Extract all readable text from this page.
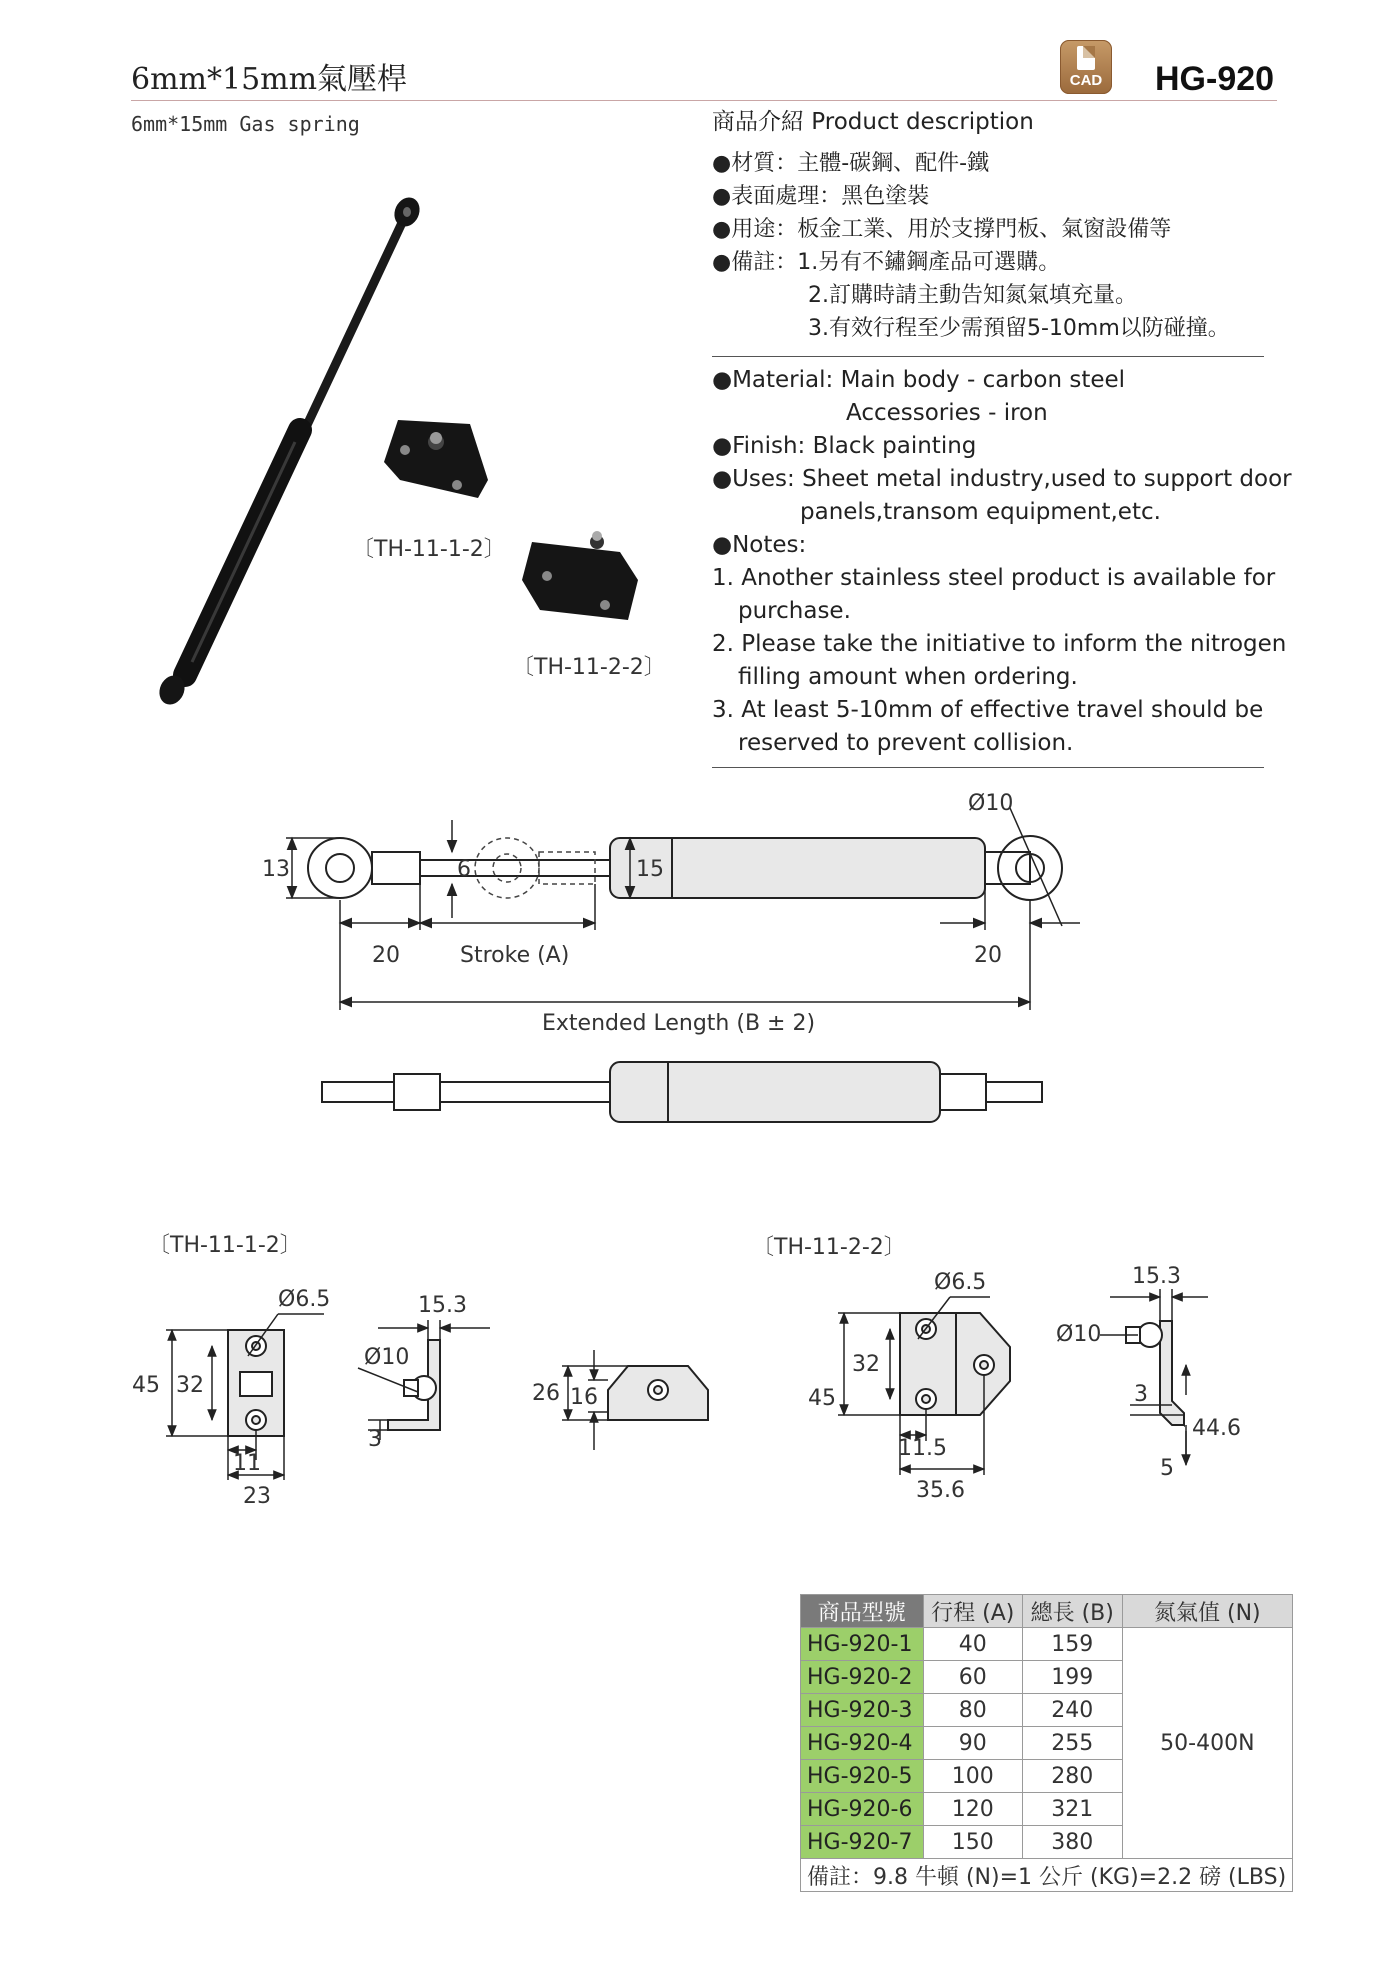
6mm*15mm氣壓桿
6mm*15mm Gas spring
CAD HG-920
商品介紹 Product description
●材質：主體-碳鋼、配件-鐵
●表面處理：黑色塗裝
●用途：板金工業、用於支撐門板、氣窗設備等
●備註：1.另有不鏽鋼產品可選購。
2.訂購時請主動告知氮氣填充量。
3.有效行程至少需預留5-10mm以防碰撞。
●Material: Main body - carbon steel
Accessories - iron
●Finish: Black painting
●Uses: Sheet metal industry,used to support door
panels,transom equipment,etc.
●Notes:
1. Another stainless steel product is available for
purchase.
2. Please take the initiative to inform the nitrogen
filling amount when ordering.
3. At least 5-10mm of effective travel should be
reserved to prevent collision.
〔TH-11-1-2〕
〔TH-11-2-2〕
13	6	15
20	Stroke (A)	20
Extended Length (B ± 2)
Ø10
〔TH-11-1-2〕
45 32
11
23
Ø6.5	15.3
Ø10
3
26 16
〔TH-11-2-2〕
45
32
11.5
35.6
Ø6.5	15.3
Ø10
3
44.6
5
商品型號	行程 (A)	總長 (B)	氮氣值 (N)
HG-920-1	40	159	50-400N
HG-920-2	60	199	
HG-920-3	80	240	
HG-920-4	90	255	
HG-920-5	100	280	
HG-920-6	120	321	
HG-920-7	150	380	
備註：9.8 牛頓 (N)=1 公斤 (KG)=2.2 磅 (LBS)			
